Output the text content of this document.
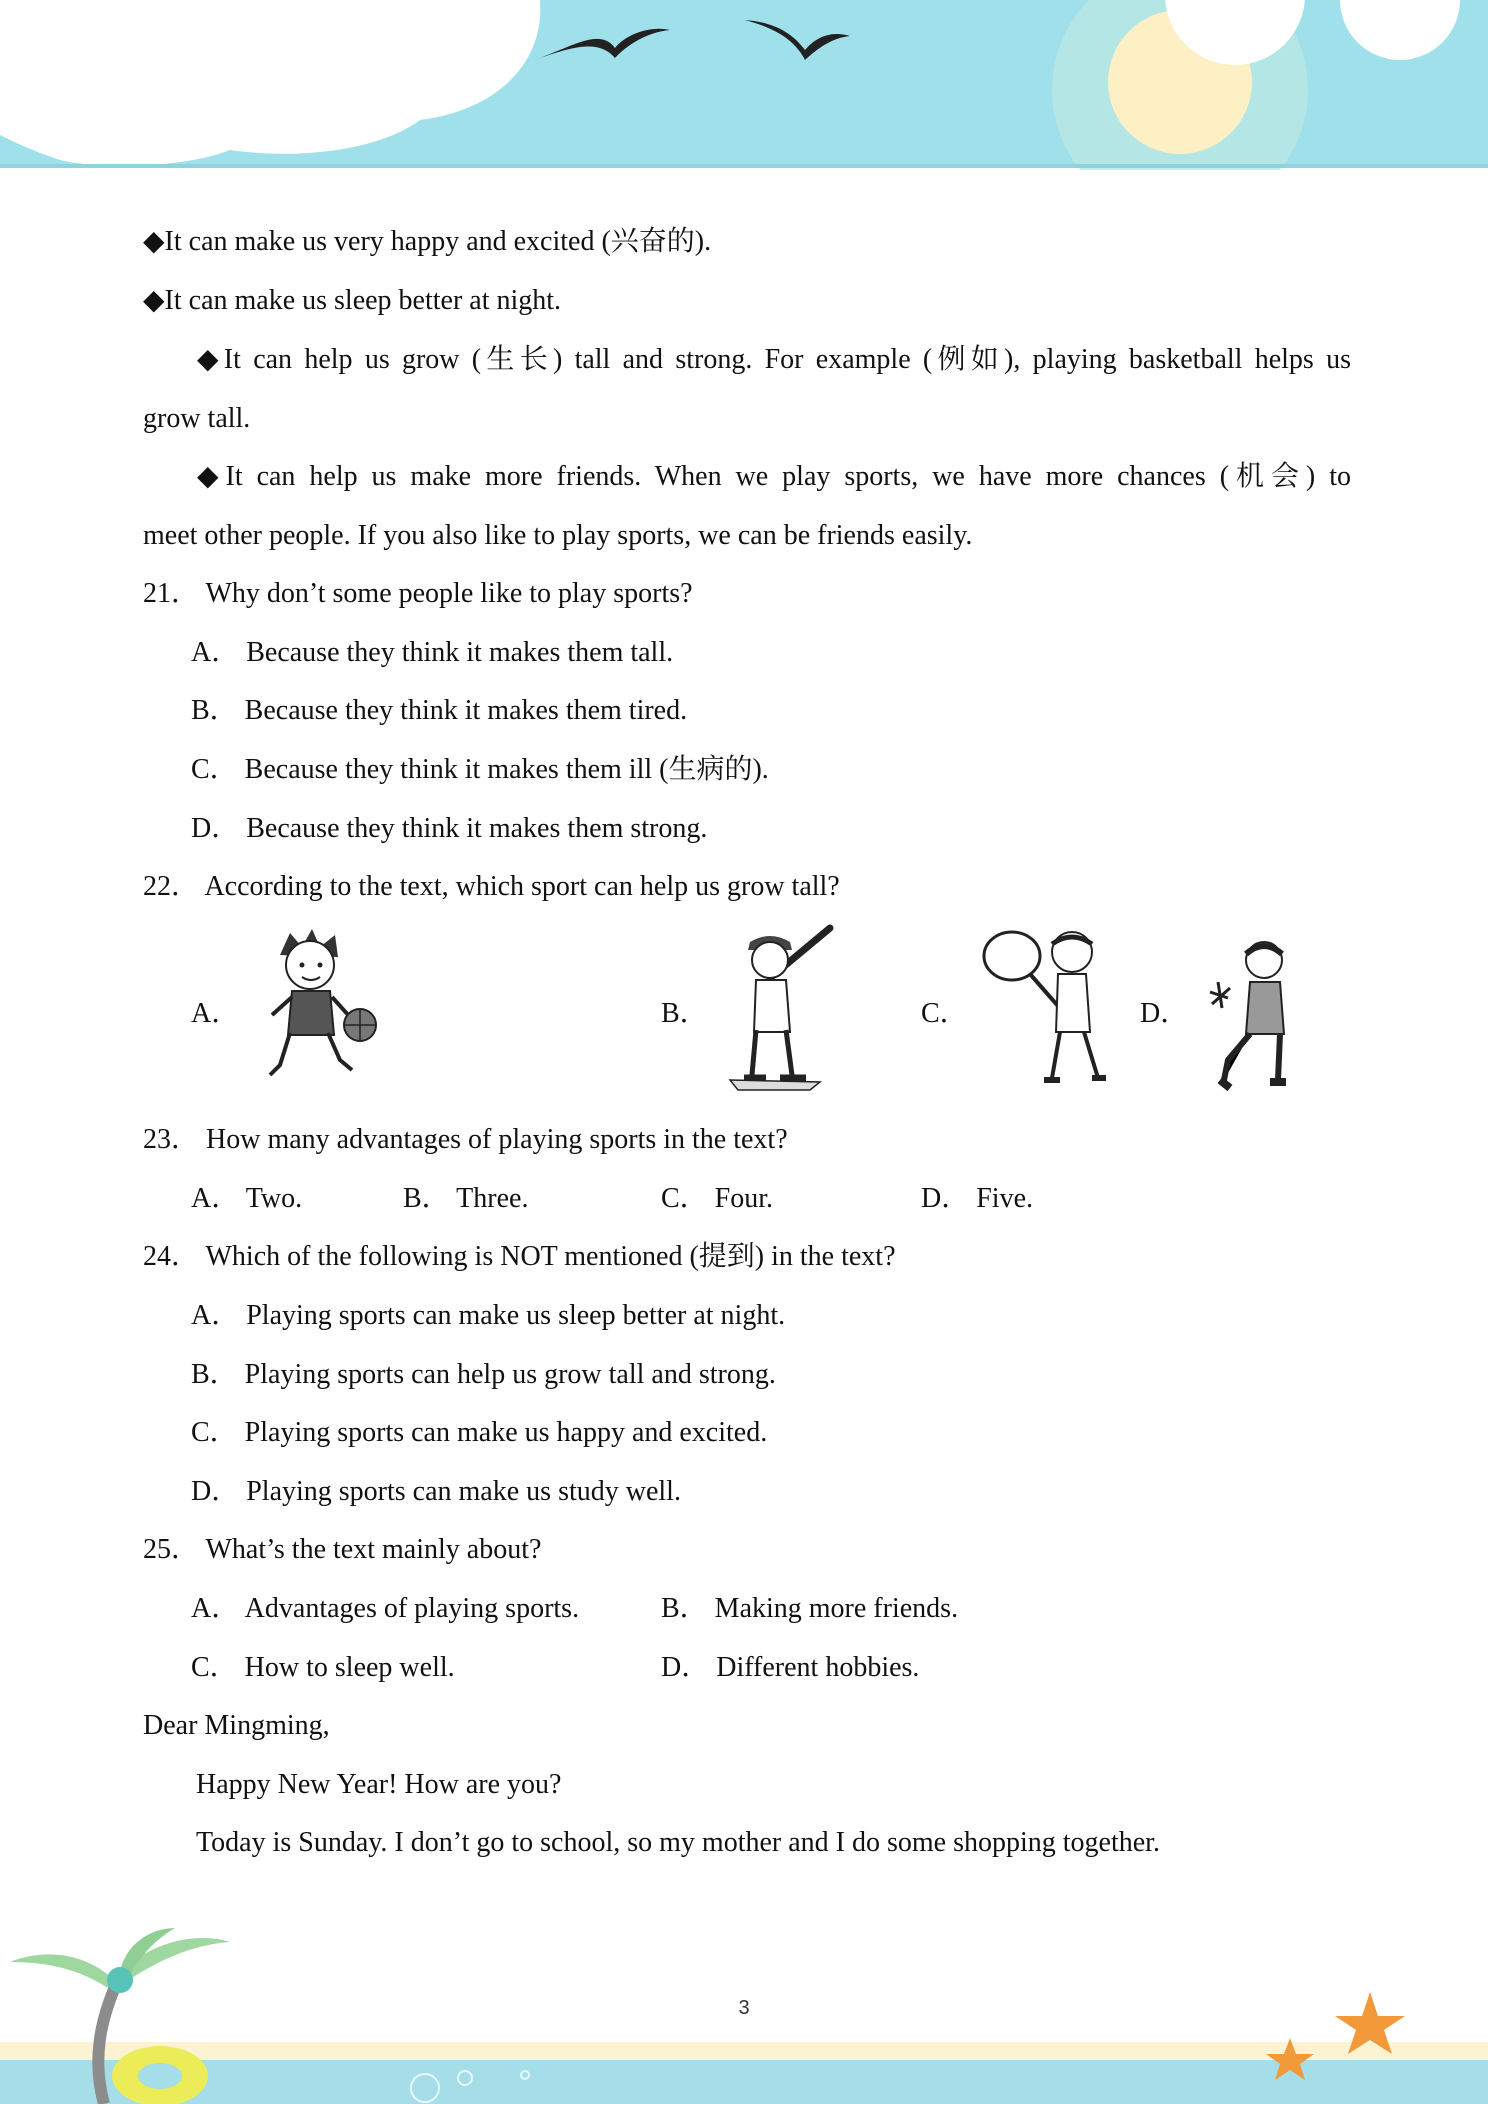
◆It can make us very happy and excited (兴奋的).
◆It can make us sleep better at night.
◆It can help us grow (生长) tall and strong. For example (例如), playing basketball helps us
grow tall.
◆It can help us make more friends. When we play sports, we have more chances (机会) to
meet other people. If you also like to play sports, we can be friends easily.
21． Why don’t some people like to play sports?
A． Because they think it makes them tall.
B． Because they think it makes them tired.
C． Because they think it makes them ill (生病的).
D． Because they think it makes them strong.
22． According to the text, which sport can help us grow tall?
A．	B．	C．	D．
23． How many advantages of playing sports in the text?
A． Two.	B． Three.	C． Four.	D． Five.
24． Which of the following is NOT mentioned (提到) in the text?
A． Playing sports can make us sleep better at night.
B． Playing sports can help us grow tall and strong.
C． Playing sports can make us happy and excited.
D． Playing sports can make us study well.
25． What’s the text mainly about?
A． Advantages of playing sports.	B． Making more friends.
C． How to sleep well.	D． Different hobbies.
Dear Mingming,
Happy New Year! How are you?
Today is Sunday. I don’t go to school, so my mother and I do some shopping together.
3
